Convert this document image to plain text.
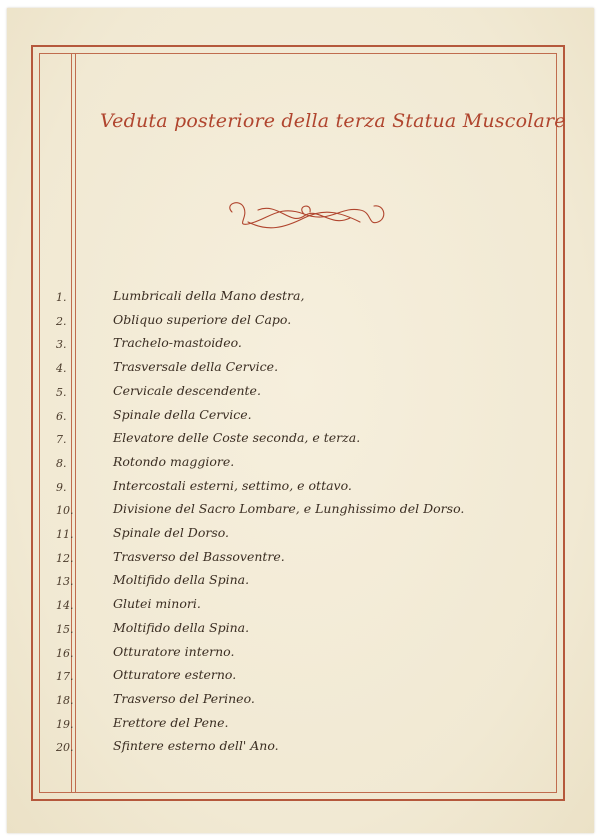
Veduta posteriore della terza Statua Muscolare
1.	Lumbricali della Mano destra,
2.	Obliquo superiore del Capo.
3.	Trachelo-mastoideo.
4.	Trasversale della Cervice.
5.	Cervicale descendente.
6.	Spinale della Cervice.
7.	Elevatore delle Coste seconda, e terza.
8.	Rotondo maggiore.
9.	Intercostali esterni, settimo, e ottavo.
10.	Divisione del Sacro Lombare, e Lunghissimo del Dorso.
11.	Spinale del Dorso.
12.	Trasverso del Bassoventre.
13.	Moltifido della Spina.
14.	Glutei minori.
15.	Moltifido della Spina.
16.	Otturatore interno.
17.	Otturatore esterno.
18.	Trasverso del Perineo.
19.	Erettore del Pene.
20.	Sfintere esterno dell' Ano.
